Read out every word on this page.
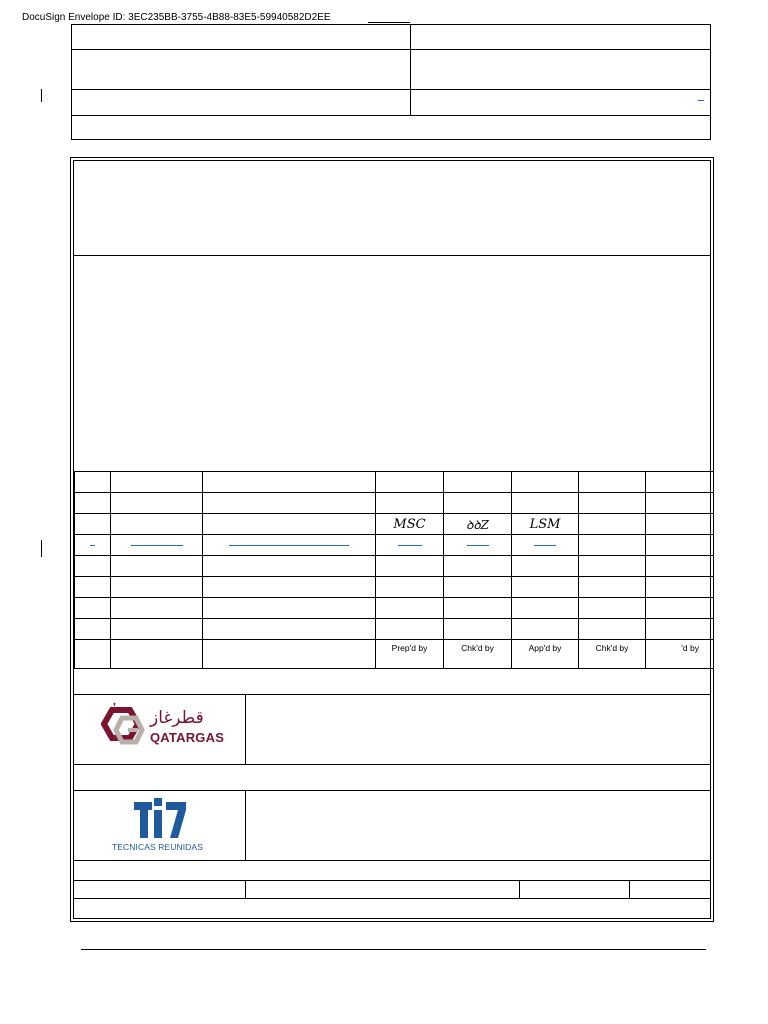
DocuSign Envelope ID: 3EC235BB-3755-4B88-83E5-59940582D2EE

			MSC	ꝺꝺZ	LSM		

			Prep'd by	Chk'd by	App'd by	Chk'd by	'd by
قطرغاز
QATARGAS
TECNICAS REUNIDAS
